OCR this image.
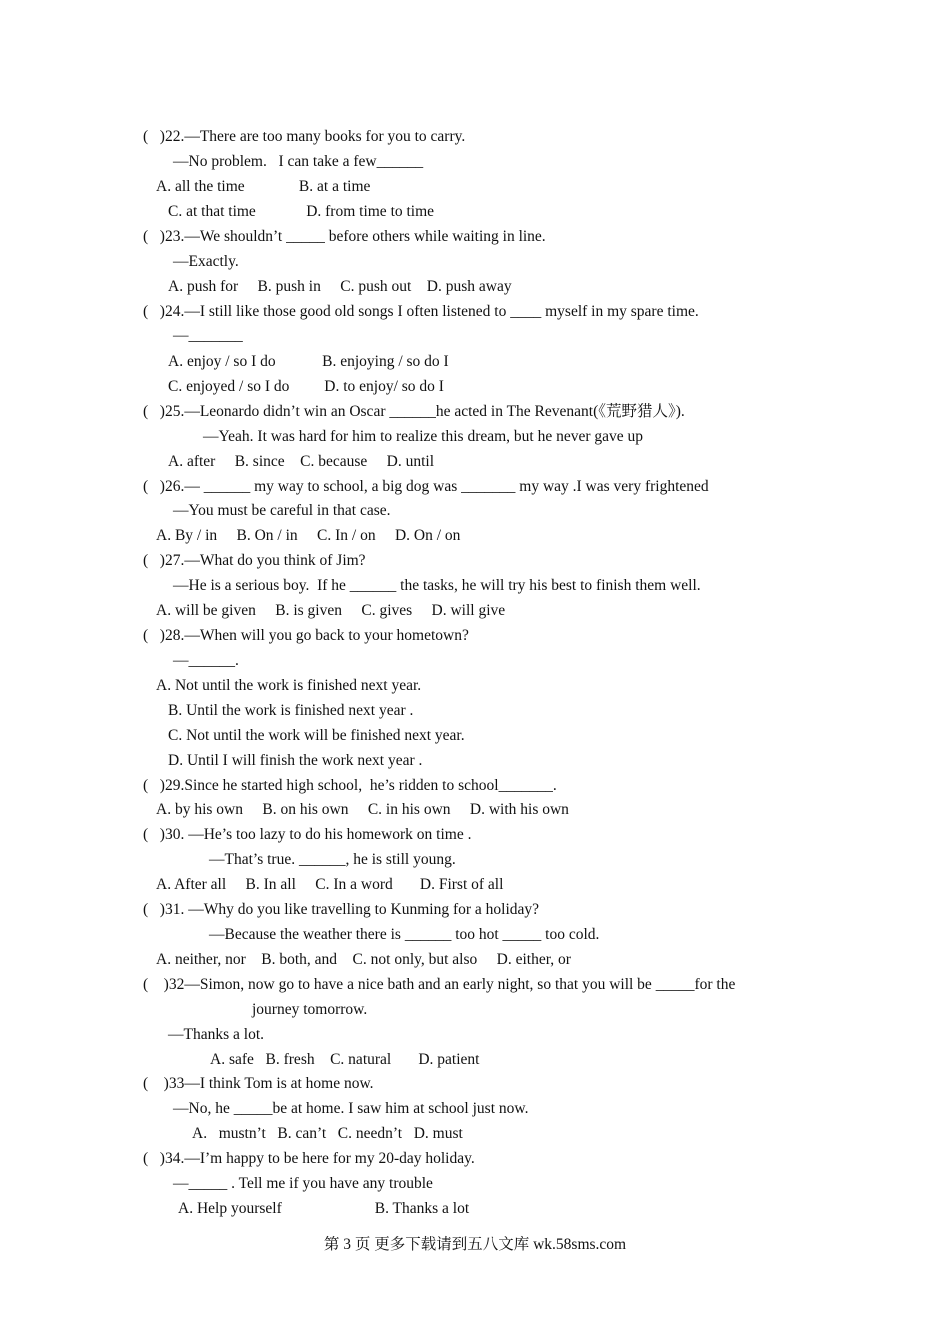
(   )22.—There are too many books for you to carry.
—No problem.   I can take a few______
A. all the time              B. at a time
C. at that time             D. from time to time
(   )23.—We shouldn’t _____ before others while waiting in line.
—Exactly.
A. push for     B. push in     C. push out    D. push away
(   )24.—I still like those good old songs I often listened to ____ myself in my spare time.
—_______
A. enjoy / so I do            B. enjoying / so do I
C. enjoyed / so I do         D. to enjoy/ so do I
(   )25.—Leonardo didn’t win an Oscar ______he acted in The Revenant(《荒野猎人》).
—Yeah. It was hard for him to realize this dream, but he never gave up
A. after     B. since    C. because     D. until
(   )26.— ______ my way to school, a big dog was _______ my way .I was very frightened
—You must be careful in that case.
A. By / in     B. On / in     C. In / on     D. On / on
(   )27.—What do you think of Jim?
—He is a serious boy.  If he ______ the tasks, he will try his best to finish them well.
A. will be given     B. is given     C. gives     D. will give
(   )28.—When will you go back to your hometown?
—______.
A. Not until the work is finished next year.
B. Until the work is finished next year .
C. Not until the work will be finished next year.
D. Until I will finish the work next year .
(   )29.Since he started high school,  he’s ridden to school_______.
A. by his own     B. on his own     C. in his own     D. with his own
(   )30. —He’s too lazy to do his homework on time .
—That’s true. ______, he is still young.
A. After all     B. In all     C. In a word       D. First of all
(   )31. —Why do you like travelling to Kunming for a holiday?
—Because the weather there is ______ too hot _____ too cold.
A. neither, nor    B. both, and    C. not only, but also     D. either, or
(    )32—Simon, now go to have a nice bath and an early night, so that you will be _____for the
journey tomorrow.
—Thanks a lot.
A. safe   B. fresh    C. natural       D. patient
(    )33—I think Tom is at home now.
—No, he _____be at home. I saw him at school just now.
A.   mustn’t   B. can’t   C. needn’t   D. must
(   )34.—I’m happy to be here for my 20-day holiday.
—_____ . Tell me if you have any trouble
A. Help yourself                        B. Thanks a lot
第 3 页 更多下载请到五八文库 wk.58sms.com
